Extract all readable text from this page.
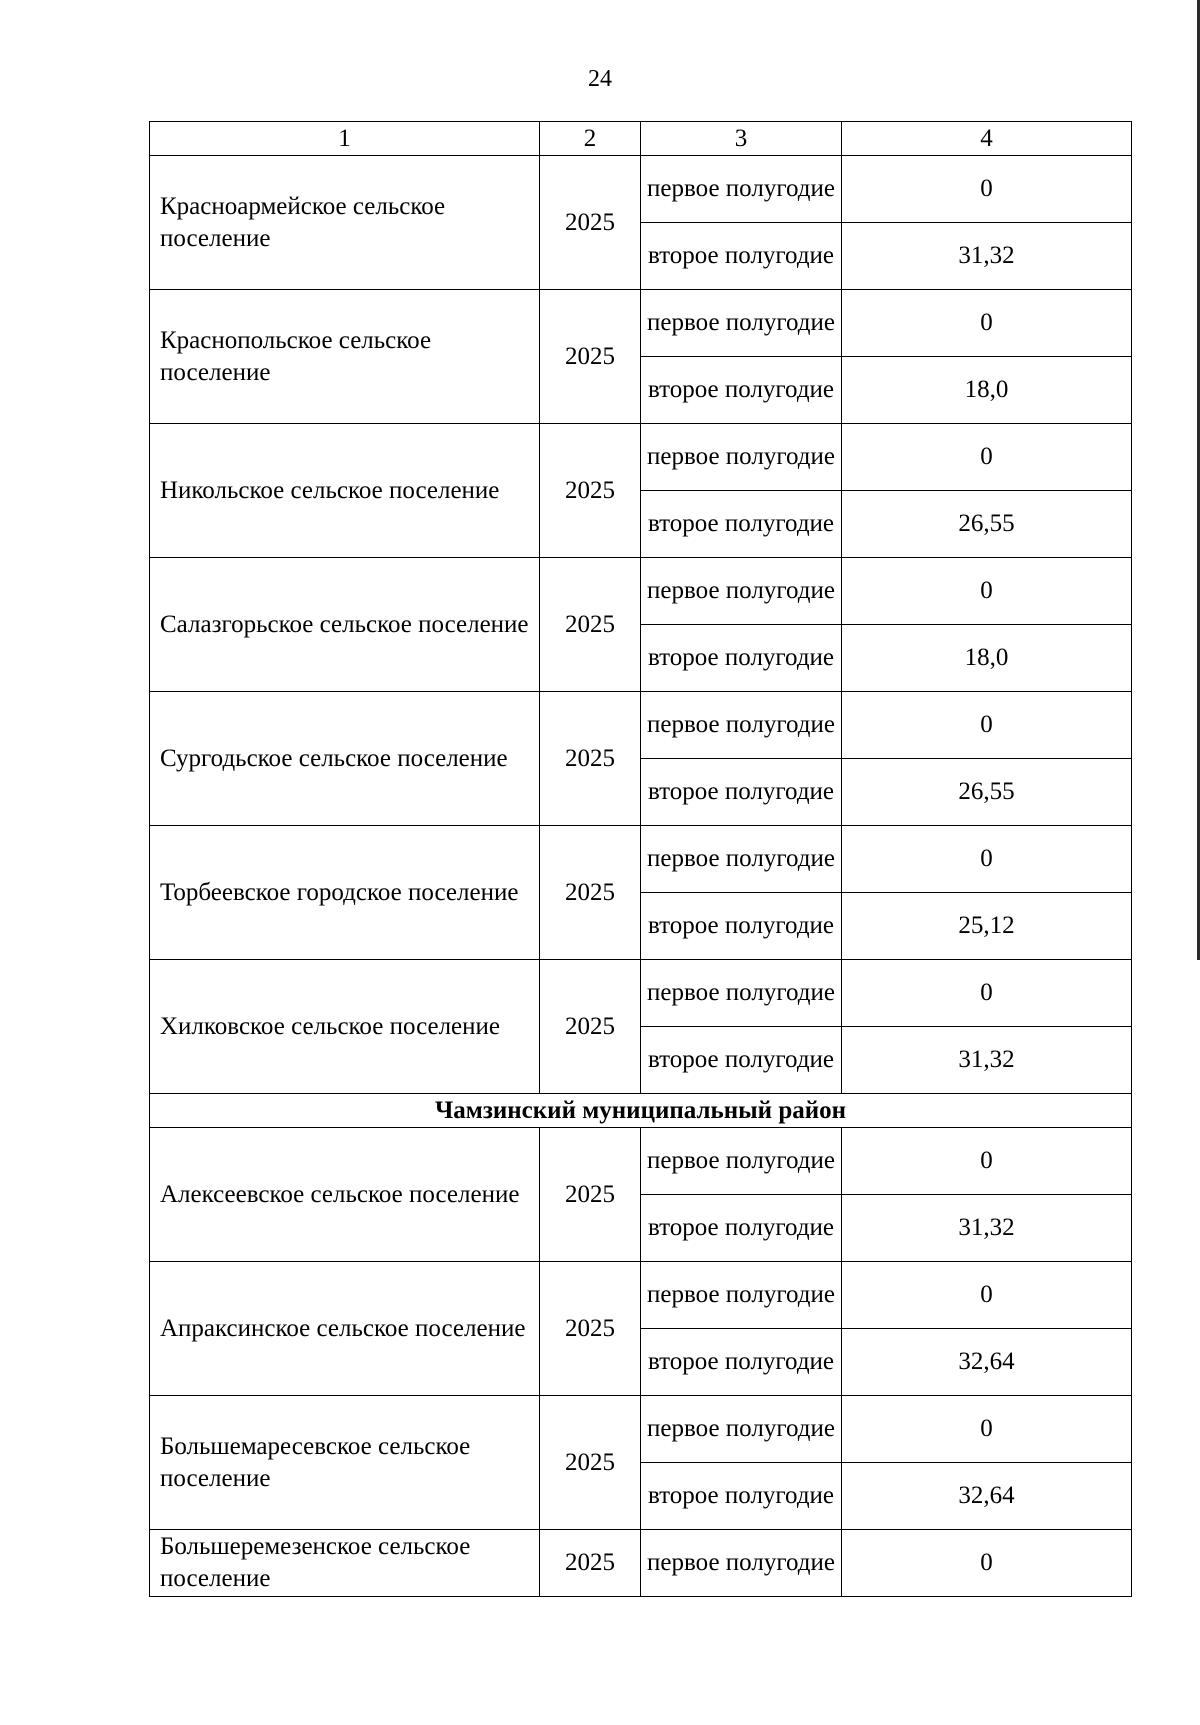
24
1	2	3	4

Красноармейское сельское поселение	2025	первое полугодие	0
		второе полугодие	31,32

Краснопольское сельское поселение	2025	первое полугодие	0
		второе полугодие	18,0

Никольское сельское поселение	2025	первое полугодие	0
		второе полугодие	26,55

Салазгорьское сельское поселение	2025	первое полугодие	0
		второе полугодие	18,0

Сургодьское сельское поселение	2025	первое полугодие	0
		второе полугодие	26,55

Торбеевское городское поселение	2025	первое полугодие	0
		второе полугодие	25,12

Хилковское сельское поселение	2025	первое полугодие	0
		второе полугодие	31,32
Чамзинский муниципальный район			

Алексеевское сельское поселение	2025	первое полугодие	0
		второе полугодие	31,32

Апраксинское сельское поселение	2025	первое полугодие	0
		второе полугодие	32,64

Большемаресевское сельское поселение	2025	первое полугодие	0
		второе полугодие	32,64

Большеремезенское сельское поселение	2025	первое полугодие	0
